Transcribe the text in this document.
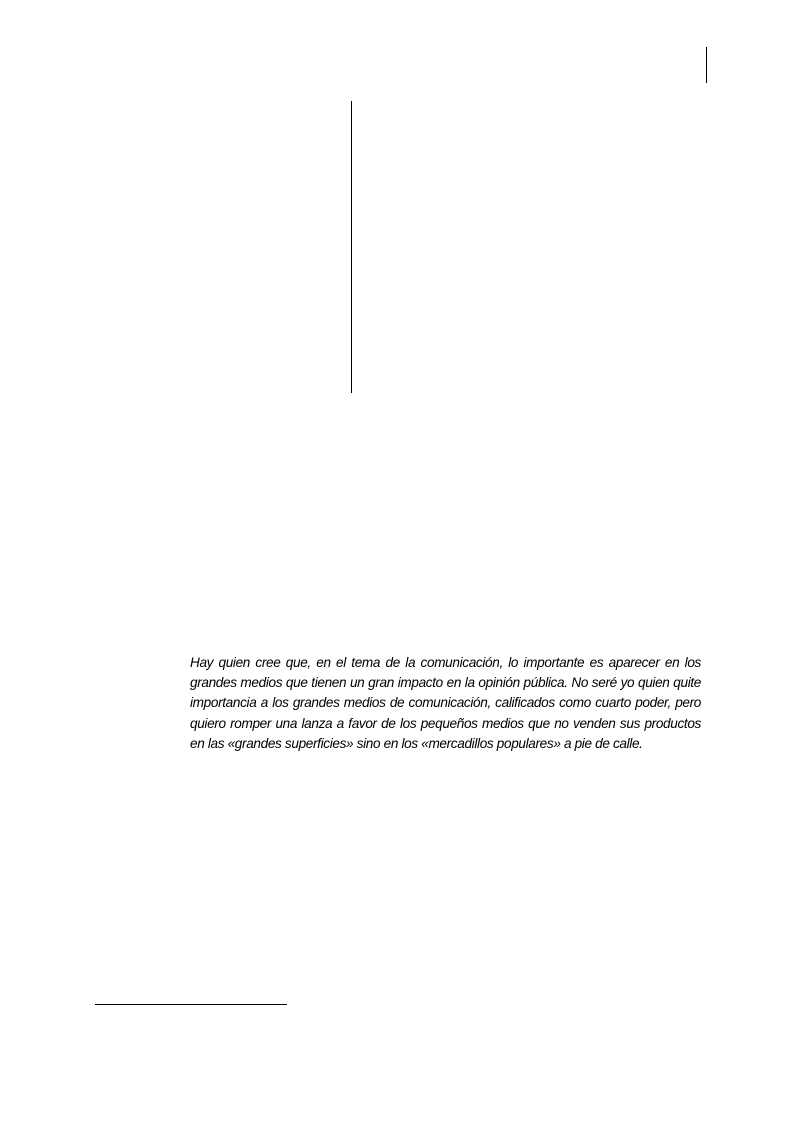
Hay quien cree que, en el tema de la comunicación, lo importante es aparecer en los grandes medios que tienen un gran impacto en la opinión pública. No seré yo quien quite importancia a los grandes medios de comunicación, calificados como cuarto poder, pero quiero romper una lanza a favor de los pequeños medios que no venden sus productos en las «grandes superficies» sino en los «mercadillos populares» a pie de calle.
